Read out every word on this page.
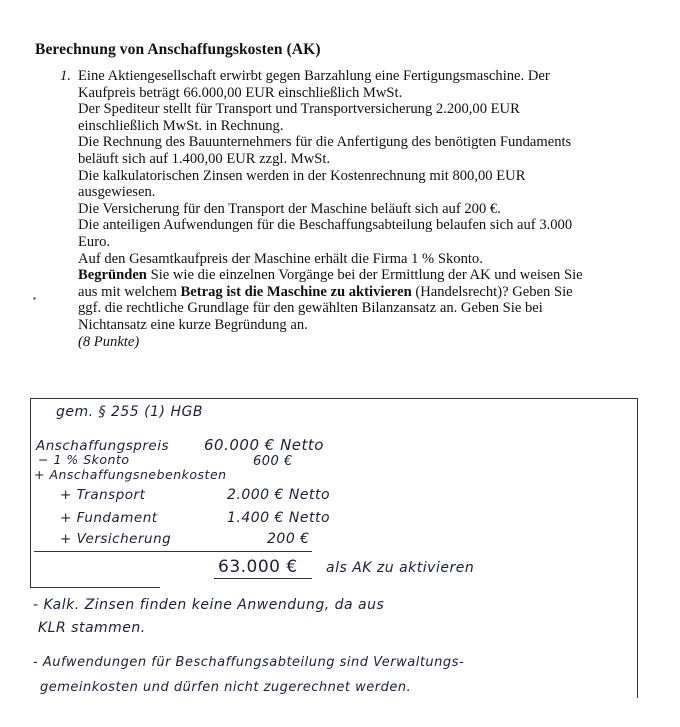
Berechnung von Anschaffungskosten (AK)
1. Eine Aktiengesellschaft erwirbt gegen Barzahlung eine Fertigungsmaschine. Der

Kaufpreis beträgt 66.000,00 EUR einschließlich MwSt.

Der Spediteur stellt für Transport und Transportversicherung 2.200,00 EUR

einschließlich MwSt. in Rechnung.

Die Rechnung des Bauunternehmers für die Anfertigung des benötigten Fundaments

beläuft sich auf 1.400,00 EUR zzgl. MwSt.

Die kalkulatorischen Zinsen werden in der Kostenrechnung mit 800,00 EUR

ausgewiesen.

Die Versicherung für den Transport der Maschine beläuft sich auf 200 €.

Die anteiligen Aufwendungen für die Beschaffungsabteilung belaufen sich auf 3.000

Euro.

Auf den Gesamtkaufpreis der Maschine erhält die Firma 1 % Skonto.

Begründen Sie wie die einzelnen Vorgänge bei der Ermittlung der AK und weisen Sie

aus mit welchem Betrag ist die Maschine zu aktivieren (Handelsrecht)? Geben Sie

ggf. die rechtliche Grundlage für den gewählten Bilanzansatz an. Geben Sie bei

Nichtansatz eine kurze Begründung an.

(8 Punkte)

gem. § 255 (1) HGB
Anschaffungspreis 60.000 € Netto
− 1 % Skonto	600 €
+ Anschaffungsnebenkosten
+ Transport	2.000 € Netto
+ Fundament	1.400 € Netto
+ Versicherung	200 €
63.000 € als AK zu aktivieren
- Kalk. Zinsen finden keine Anwendung, da aus
KLR stammen.
- Aufwendungen für Beschaffungsabteilung sind Verwaltungs-
gemeinkosten und dürfen nicht zugerechnet werden.
